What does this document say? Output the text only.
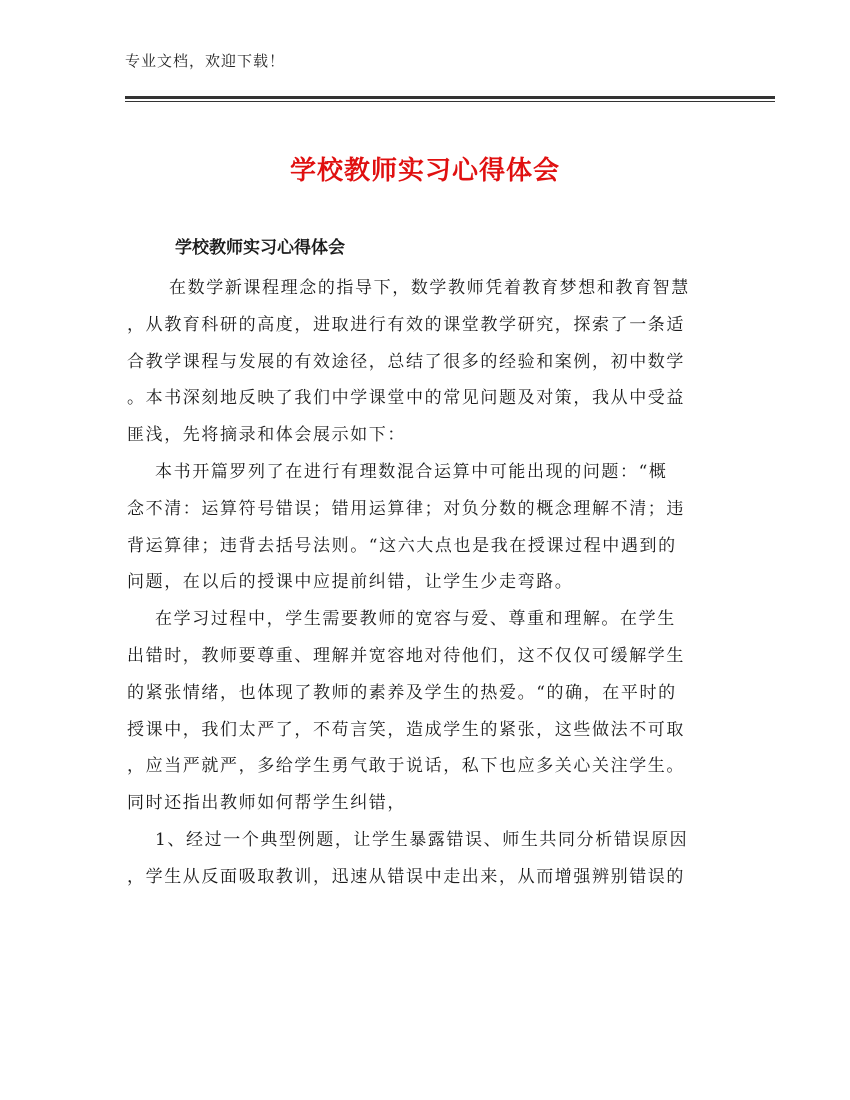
专业文档，欢迎下载！
学校教师实习心得体会
学校教师实习心得体会
在数学新课程理念的指导下，数学教师凭着教育梦想和教育智慧
，从教育科研的高度，进取进行有效的课堂教学研究，探索了一条适
合教学课程与发展的有效途径，总结了很多的经验和案例，初中数学
。本书深刻地反映了我们中学课堂中的常见问题及对策，我从中受益
匪浅，先将摘录和体会展示如下：
本书开篇罗列了在进行有理数混合运算中可能出现的问题：“概
念不清：运算符号错误；错用运算律；对负分数的概念理解不清；违
背运算律；违背去括号法则。“这六大点也是我在授课过程中遇到的
问题，在以后的授课中应提前纠错，让学生少走弯路。
在学习过程中，学生需要教师的宽容与爱、尊重和理解。在学生
出错时，教师要尊重、理解并宽容地对待他们，这不仅仅可缓解学生
的紧张情绪，也体现了教师的素养及学生的热爱。“的确，在平时的
授课中，我们太严了，不苟言笑，造成学生的紧张，这些做法不可取
，应当严就严，多给学生勇气敢于说话，私下也应多关心关注学生。
同时还指出教师如何帮学生纠错，
1、经过一个典型例题，让学生暴露错误、师生共同分析错误原因
，学生从反面吸取教训，迅速从错误中走出来，从而增强辨别错误的
